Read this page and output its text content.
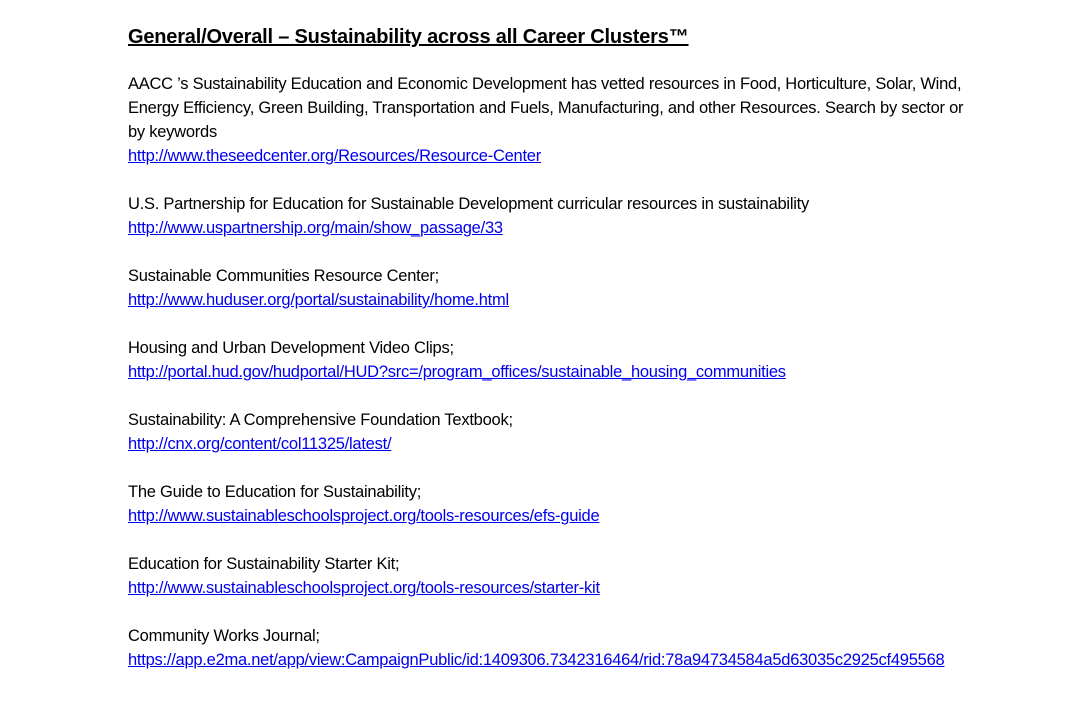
General/Overall – Sustainability across all Career Clusters™
AACC ’s Sustainability Education and Economic Development has vetted resources in Food, Horticulture, Solar, Wind, Energy Efficiency, Green Building, Transportation and Fuels, Manufacturing, and other Resources. Search by sector or by keywords
http://www.theseedcenter.org/Resources/Resource-Center
U.S. Partnership for Education for Sustainable Development curricular resources in sustainability
http://www.uspartnership.org/main/show_passage/33
Sustainable Communities Resource Center;
http://www.huduser.org/portal/sustainability/home.html
Housing and Urban Development Video Clips;
http://portal.hud.gov/hudportal/HUD?src=/program_offices/sustainable_housing_communities
Sustainability: A Comprehensive Foundation Textbook;
http://cnx.org/content/col11325/latest/
The Guide to Education for Sustainability;
http://www.sustainableschoolsproject.org/tools-resources/efs-guide
Education for Sustainability Starter Kit;
http://www.sustainableschoolsproject.org/tools-resources/starter-kit
Community Works Journal;
https://app.e2ma.net/app/view:CampaignPublic/id:1409306.7342316464/rid:78a94734584a5d63035c2925cf495568
